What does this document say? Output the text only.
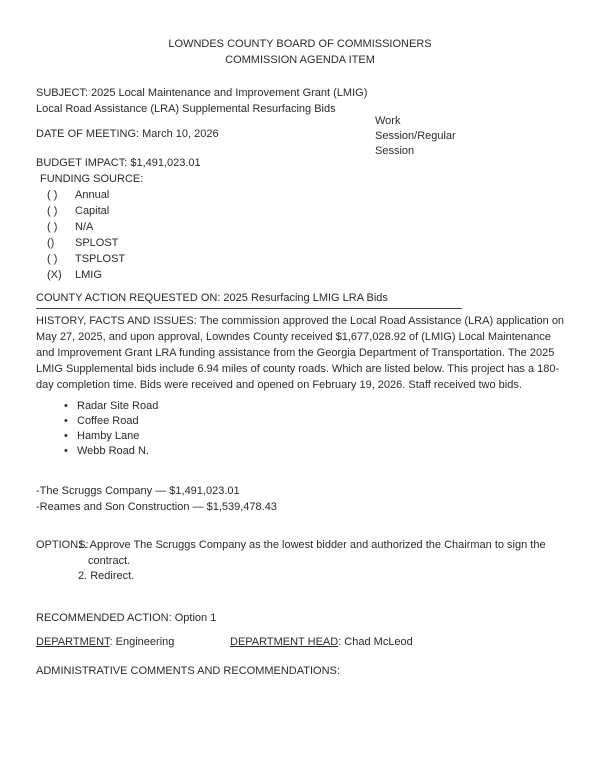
LOWNDES COUNTY BOARD OF COMMISSIONERS
COMMISSION AGENDA ITEM
SUBJECT: 2025 Local Maintenance and Improvement Grant (LMIG)
Local Road Assistance (LRA) Supplemental Resurfacing Bids
Work
Session/Regular
Session
DATE OF MEETING: March 10, 2026
BUDGET IMPACT: $1,491,023.01
FUNDING SOURCE:
( )	Annual
( )	Capital
( )	N/A
()	SPLOST
( )	TSPLOST
(X)	LMIG
COUNTY ACTION REQUESTED ON: 2025 Resurfacing LMIG LRA Bids
HISTORY, FACTS AND ISSUES: The commission approved the Local Road Assistance (LRA) application on May 27, 2025, and upon approval, Lowndes County received $1,677,028.92 of (LMIG) Local Maintenance and Improvement Grant LRA funding assistance from the Georgia Department of Transportation. The 2025 LMIG Supplemental bids include 6.94 miles of county roads. Which are listed below. This project has a 180-day completion time. Bids were received and opened on February 19, 2026. Staff received two bids.
• Radar Site Road
• Coffee Road
• Hamby Lane
• Webb Road N.
-The Scruggs Company — $1,491,023.01
-Reames and Son Construction — $1,539,478.43
OPTIONS:
1. Approve The Scruggs Company as the lowest bidder and authorized the Chairman to sign the
contract.
2. Redirect.
RECOMMENDED ACTION: Option 1
DEPARTMENT: Engineering	DEPARTMENT HEAD: Chad McLeod
ADMINISTRATIVE COMMENTS AND RECOMMENDATIONS:
